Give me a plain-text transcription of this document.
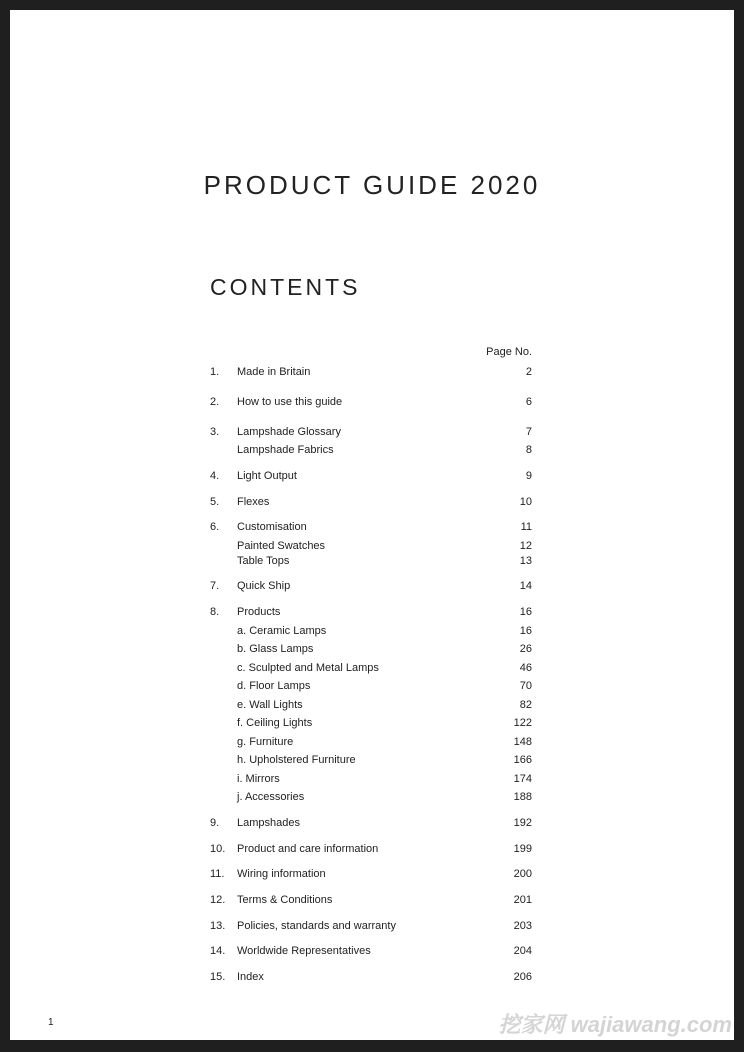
PRODUCT GUIDE 2020
CONTENTS
Page No.
1. Made in Britain	2
2. How to use this guide	6
3. Lampshade Glossary	7
Lampshade Fabrics	8
4. Light Output	9
5. Flexes	10
6. Customisation	11
Painted Swatches	12
Table Tops	13
7. Quick Ship	14
8. Products	16
a. Ceramic Lamps	16
b. Glass Lamps	26
c. Sculpted and Metal Lamps	46
d. Floor Lamps	70
e. Wall Lights	82
f. Ceiling Lights	122
g. Furniture	148
h. Upholstered Furniture	166
i. Mirrors	174
j. Accessories	188
9. Lampshades	192
10. Product and care information	199
11. Wiring information	200
12. Terms & Conditions	201
13. Policies, standards and warranty	203
14. Worldwide Representatives	204
15. Index	206
1	挖家网 wajiawang.com
